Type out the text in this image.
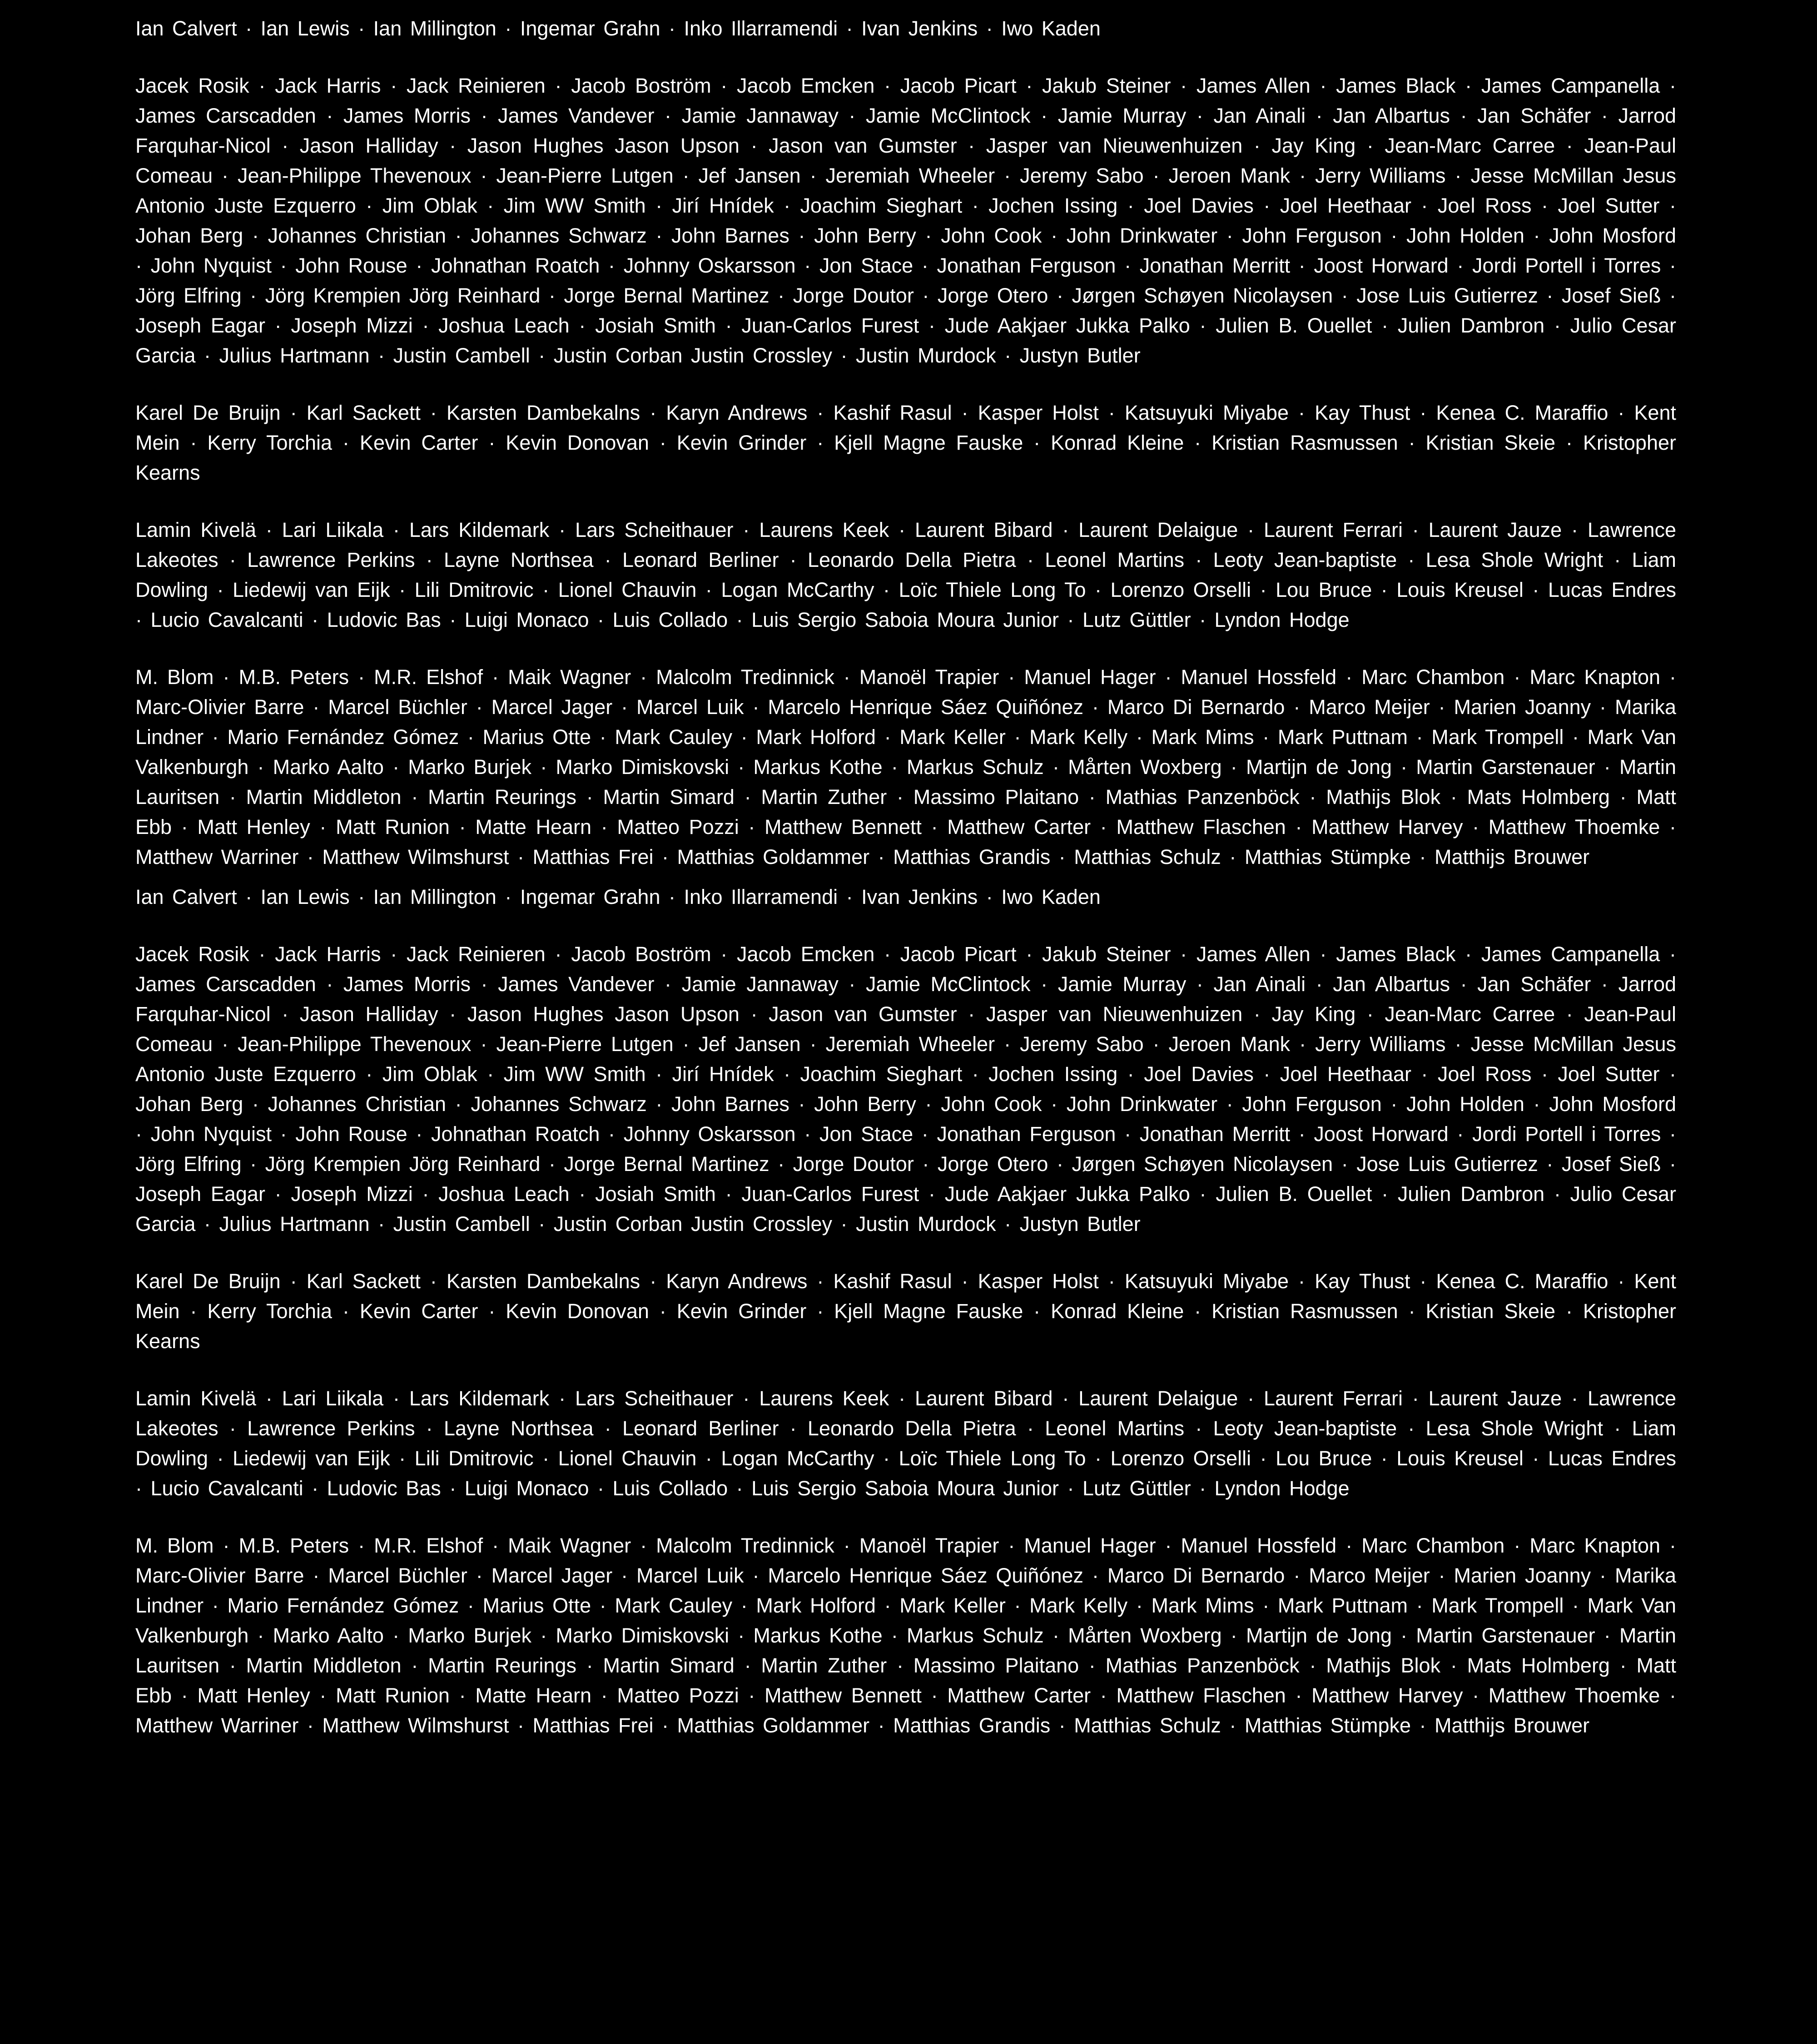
Ian Calvert · Ian Lewis · Ian Millington · Ingemar Grahn · Inko Illarramendi · Ivan Jenkins · Iwo Kaden

Jacek Rosik · Jack Harris · Jack Reinieren · Jacob Boström · Jacob Emcken · Jacob Picart · Jakub Steiner · James Allen · James Black · James Campanella · James Carscadden · James Morris · James Vandever · Jamie Jannaway · Jamie McClintock · Jamie Murray · Jan Ainali · Jan Albartus · Jan Schäfer · Jarrod Farquhar-Nicol · Jason Halliday · Jason Hughes Jason Upson · Jason van Gumster · Jasper van Nieuwenhuizen · Jay King · Jean-Marc Carree · Jean-Paul Comeau · Jean-Philippe Thevenoux · Jean-Pierre Lutgen · Jef Jansen · Jeremiah Wheeler · Jeremy Sabo · Jeroen Mank · Jerry Williams · Jesse McMillan Jesus Antonio Juste Ezquerro · Jim Oblak · Jim WW Smith · Jirí Hnídek · Joachim Sieghart · Jochen Issing · Joel Davies · Joel Heethaar · Joel Ross · Joel Sutter · Johan Berg · Johannes Christian · Johannes Schwarz · John Barnes · John Berry · John Cook · John Drinkwater · John Ferguson · John Holden · John Mosford · John Nyquist · John Rouse · Johnathan Roatch · Johnny Oskarsson · Jon Stace · Jonathan Ferguson · Jonathan Merritt · Joost Horward · Jordi Portell i Torres · Jörg Elfring · Jörg Krempien Jörg Reinhard · Jorge Bernal Martinez · Jorge Doutor · Jorge Otero · Jørgen Schøyen Nicolaysen · Jose Luis Gutierrez · Josef Sieß · Joseph Eagar · Joseph Mizzi · Joshua Leach · Josiah Smith · Juan-Carlos Furest · Jude Aakjaer Jukka Palko · Julien B. Ouellet · Julien Dambron · Julio Cesar Garcia · Julius Hartmann · Justin Cambell · Justin Corban Justin Crossley · Justin Murdock · Justyn Butler

Karel De Bruijn · Karl Sackett · Karsten Dambekalns · Karyn Andrews · Kashif Rasul · Kasper Holst · Katsuyuki Miyabe · Kay Thust · Kenea C. Maraffio · Kent Mein · Kerry Torchia · Kevin Carter · Kevin Donovan · Kevin Grinder · Kjell Magne Fauske · Konrad Kleine · Kristian Rasmussen · Kristian Skeie · Kristopher Kearns

Lamin Kivelä · Lari Liikala · Lars Kildemark · Lars Scheithauer · Laurens Keek · Laurent Bibard · Laurent Delaigue · Laurent Ferrari · Laurent Jauze · Lawrence Lakeotes · Lawrence Perkins · Layne Northsea · Leonard Berliner · Leonardo Della Pietra · Leonel Martins · Leoty Jean-baptiste · Lesa Shole Wright · Liam Dowling · Liedewij van Eijk · Lili Dmitrovic · Lionel Chauvin · Logan McCarthy · Loïc Thiele Long To · Lorenzo Orselli · Lou Bruce · Louis Kreusel · Lucas Endres · Lucio Cavalcanti · Ludovic Bas · Luigi Monaco · Luis Collado · Luis Sergio Saboia Moura Junior · Lutz Güttler · Lyndon Hodge

M. Blom · M.B. Peters · M.R. Elshof · Maik Wagner · Malcolm Tredinnick · Manoël Trapier · Manuel Hager · Manuel Hossfeld · Marc Chambon · Marc Knapton · Marc-Olivier Barre · Marcel Büchler · Marcel Jager · Marcel Luik · Marcelo Henrique Sáez Quiñónez · Marco Di Bernardo · Marco Meijer · Marien Joanny · Marika Lindner · Mario Fernández Gómez · Marius Otte · Mark Cauley · Mark Holford · Mark Keller · Mark Kelly · Mark Mims · Mark Puttnam · Mark Trompell · Mark Van Valkenburgh · Marko Aalto · Marko Burjek · Marko Dimiskovski · Markus Kothe · Markus Schulz · Mårten Woxberg · Martijn de Jong · Martin Garstenauer · Martin Lauritsen · Martin Middleton · Martin Reurings · Martin Simard · Martin Zuther · Massimo Plaitano · Mathias Panzenböck · Mathijs Blok · Mats Holmberg · Matt Ebb · Matt Henley · Matt Runion · Matte Hearn · Matteo Pozzi · Matthew Bennett · Matthew Carter · Matthew Flaschen · Matthew Harvey · Matthew Thoemke · Matthew Warriner · Matthew Wilmshurst · Matthias Frei · Matthias Goldammer · Matthias Grandis · Matthias Schulz · Matthias Stümpke · Matthijs Brouwer

Ian Calvert · Ian Lewis · Ian Millington · Ingemar Grahn · Inko Illarramendi · Ivan Jenkins · Iwo Kaden

Jacek Rosik · Jack Harris · Jack Reinieren · Jacob Boström · Jacob Emcken · Jacob Picart · Jakub Steiner · James Allen · James Black · James Campanella · James Carscadden · James Morris · James Vandever · Jamie Jannaway · Jamie McClintock · Jamie Murray · Jan Ainali · Jan Albartus · Jan Schäfer · Jarrod Farquhar-Nicol · Jason Halliday · Jason Hughes Jason Upson · Jason van Gumster · Jasper van Nieuwenhuizen · Jay King · Jean-Marc Carree · Jean-Paul Comeau · Jean-Philippe Thevenoux · Jean-Pierre Lutgen · Jef Jansen · Jeremiah Wheeler · Jeremy Sabo · Jeroen Mank · Jerry Williams · Jesse McMillan Jesus Antonio Juste Ezquerro · Jim Oblak · Jim WW Smith · Jirí Hnídek · Joachim Sieghart · Jochen Issing · Joel Davies · Joel Heethaar · Joel Ross · Joel Sutter · Johan Berg · Johannes Christian · Johannes Schwarz · John Barnes · John Berry · John Cook · John Drinkwater · John Ferguson · John Holden · John Mosford · John Nyquist · John Rouse · Johnathan Roatch · Johnny Oskarsson · Jon Stace · Jonathan Ferguson · Jonathan Merritt · Joost Horward · Jordi Portell i Torres · Jörg Elfring · Jörg Krempien Jörg Reinhard · Jorge Bernal Martinez · Jorge Doutor · Jorge Otero · Jørgen Schøyen Nicolaysen · Jose Luis Gutierrez · Josef Sieß · Joseph Eagar · Joseph Mizzi · Joshua Leach · Josiah Smith · Juan-Carlos Furest · Jude Aakjaer Jukka Palko · Julien B. Ouellet · Julien Dambron · Julio Cesar Garcia · Julius Hartmann · Justin Cambell · Justin Corban Justin Crossley · Justin Murdock · Justyn Butler

Karel De Bruijn · Karl Sackett · Karsten Dambekalns · Karyn Andrews · Kashif Rasul · Kasper Holst · Katsuyuki Miyabe · Kay Thust · Kenea C. Maraffio · Kent Mein · Kerry Torchia · Kevin Carter · Kevin Donovan · Kevin Grinder · Kjell Magne Fauske · Konrad Kleine · Kristian Rasmussen · Kristian Skeie · Kristopher Kearns

Lamin Kivelä · Lari Liikala · Lars Kildemark · Lars Scheithauer · Laurens Keek · Laurent Bibard · Laurent Delaigue · Laurent Ferrari · Laurent Jauze · Lawrence Lakeotes · Lawrence Perkins · Layne Northsea · Leonard Berliner · Leonardo Della Pietra · Leonel Martins · Leoty Jean-baptiste · Lesa Shole Wright · Liam Dowling · Liedewij van Eijk · Lili Dmitrovic · Lionel Chauvin · Logan McCarthy · Loïc Thiele Long To · Lorenzo Orselli · Lou Bruce · Louis Kreusel · Lucas Endres · Lucio Cavalcanti · Ludovic Bas · Luigi Monaco · Luis Collado · Luis Sergio Saboia Moura Junior · Lutz Güttler · Lyndon Hodge

M. Blom · M.B. Peters · M.R. Elshof · Maik Wagner · Malcolm Tredinnick · Manoël Trapier · Manuel Hager · Manuel Hossfeld · Marc Chambon · Marc Knapton · Marc-Olivier Barre · Marcel Büchler · Marcel Jager · Marcel Luik · Marcelo Henrique Sáez Quiñónez · Marco Di Bernardo · Marco Meijer · Marien Joanny · Marika Lindner · Mario Fernández Gómez · Marius Otte · Mark Cauley · Mark Holford · Mark Keller · Mark Kelly · Mark Mims · Mark Puttnam · Mark Trompell · Mark Van Valkenburgh · Marko Aalto · Marko Burjek · Marko Dimiskovski · Markus Kothe · Markus Schulz · Mårten Woxberg · Martijn de Jong · Martin Garstenauer · Martin Lauritsen · Martin Middleton · Martin Reurings · Martin Simard · Martin Zuther · Massimo Plaitano · Mathias Panzenböck · Mathijs Blok · Mats Holmberg · Matt Ebb · Matt Henley · Matt Runion · Matte Hearn · Matteo Pozzi · Matthew Bennett · Matthew Carter · Matthew Flaschen · Matthew Harvey · Matthew Thoemke · Matthew Warriner · Matthew Wilmshurst · Matthias Frei · Matthias Goldammer · Matthias Grandis · Matthias Schulz · Matthias Stümpke · Matthijs Brouwer
